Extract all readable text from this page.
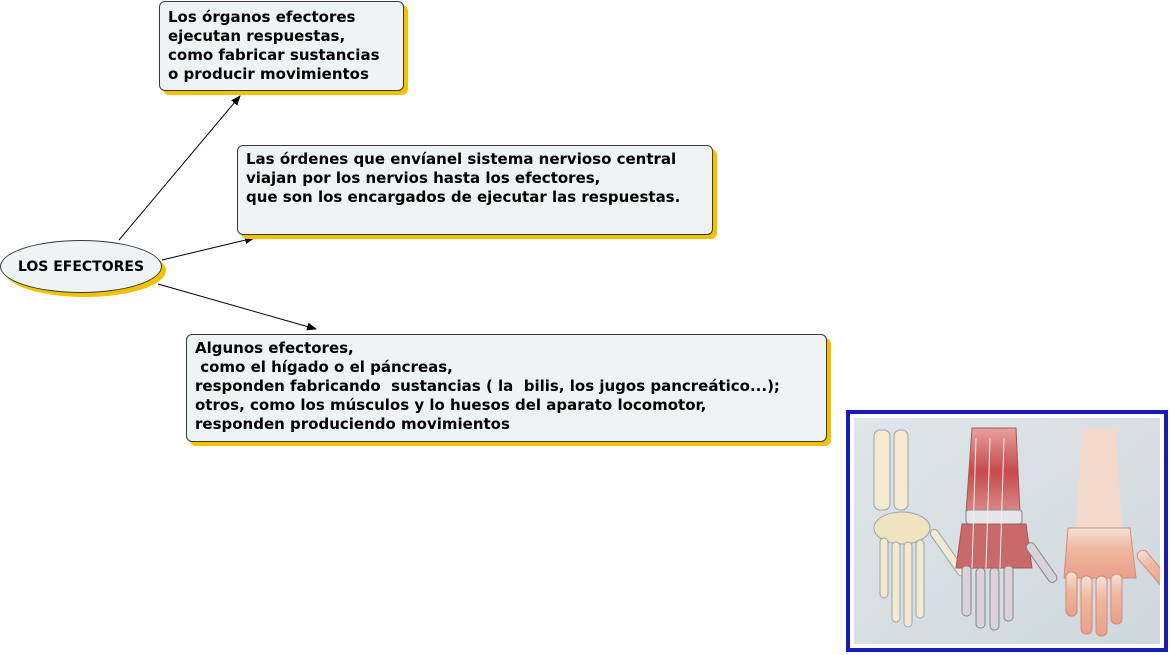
Los órganos efectores
ejecutan respuestas,
como fabricar sustancias
o producir movimientos
Las órdenes que envíanel sistema nervioso central
viajan por los nervios hasta los efectores,
que son los encargados de ejecutar las respuestas.
Algunos efectores,
como el hígado o el páncreas,
responden fabricando  sustancias ( la  bilis, los jugos pancreático...);
otros, como los músculos y lo huesos del aparato locomotor,
responden produciendo movimientos
LOS EFECTORES
